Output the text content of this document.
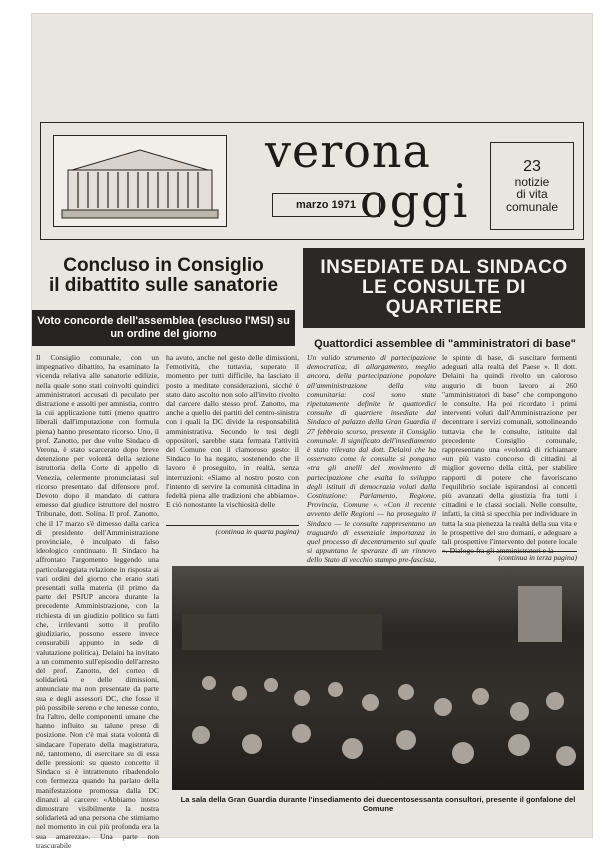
verona
oggi
marzo 1971
23
notizie
di vita
comunale
Concluso in Consiglio
il dibattito sulle sanatorie
Voto concorde dell'assemblea (escluso l'MSI) su un ordine del giorno
INSEDIATE DAL SINDACO
LE CONSULTE DI QUARTIERE
Quattordici assemblee di "amministratori di base"
Il Consiglio comunale, con un impegnativo dibattito, ha esaminato la vicenda relativa alle sanatorie edilizie, nella quale sono stati coinvolti quindici amministratori accusati di peculato per distrazione e assolti per amnistia, contro la cui applicazione tutti (meno quattro liberali dall'imputazione con formula piena) hanno presentato ricorso. Uno, il prof. Zanotto, per due volte Sindaco di Verona, è stato scarcerato dopo breve detenzione per volontà della sezione istruttoria della Corte di appello di Venezia, celermente pronunciatasi sul ricorso presentato dal difensore prof. Devoto dopo il mandato di cattura emesso dal giudice istruttore del nostro Tribunale, dott. Solina. Il prof. Zanotto, che il 17 marzo s'è dimesso dalla carica di presidente dell'Amministrazione provinciale, è inculpato di falso ideologico continuato. Il Sindaco ha affrontato l'argomento leggendo una particolareggiata relazione in risposta ai vari ordini del giorno che erano stati presentati sulla materia (il primo da parte del PSIUP ancora durante la precedente Amministrazione, con la richiesta di un giudizio politico su fatti che, irrilevanti sotto il profilo giudiziario, possono essere invece censurabili appunto in sede di valutazione politica). Delaini ha invitato a un commento sull'episodio dell'arresto del prof. Zanotto, del corteo di solidarietà e delle dimissioni, annunciate ma non presentate da parte sua e degli assessori DC, che fosse il più possibile sereno e che tenesse conto, fra l'altro, delle componenti umane che hanno influito su talune prese di posizione. Non c'è mai stata volontà di sindacare l'operato della magistratura, né, tantomeno, di esercitare su di essa delle pressioni: su questo concetto il Sindaco si è intrattenuto ribadendolo con fermezza quando ha parlato della manifestazione promossa dalla DC dinanzi al carcere: «Abbiamo inteso dimostrare visibilmente la nostra solidarietà ad una persona che stimiamo nel momento in cui più profonda era la sua amarezza». Una parte non trascurabile
ha avuto, anche nel gesto delle dimissioni, l'emotività, che tuttavia, superato il momento per tutti difficile, ha lasciato il posto a meditate considerazioni, sicché è stato dato ascolto non solo all'invito rivolto dal carcere dallo stesso prof. Zanotto, ma anche a quello dei partiti del centro-sinistra con i quali la DC divide la responsabilità amministrativa. Secondo le tesi degli oppositori, sarebbe stata fermata l'attività del Comune con il clamoroso gesto: il Sindaco lo ha negato, sostenendo che il lavoro è proseguito, in realtà, senza interruzioni: «Siamo al nostro posto con l'intento di servire la comunità cittadina in fedeltà piena alle tradizioni che abbiamo». E ciò nonostante la vischiosità delle
(continua in quarta pagina)
Un valido strumento di partecipazione democratica, di allargamento, meglio ancora, della partecipazione popolare all'amministrazione della vita comunitaria: così sono state ripetutamente definite le quattordici consulte di quartiere insediate dal Sindaco al palazzo della Gran Guardia il 27 febbraio scorso, presente il Consiglio comunale. Il significato dell'insediamento è stato rilevato dal dott. Delaini che ha osservato come le consulte si pongano «tra gli anelli del movimento di partecipazione che esalta lo sviluppo degli istituti di democrazia voluti dalla Costituzione: Parlamento, Regione, Provincia, Comune ». «Con il recente avvento delle Regioni — ha proseguito il Sindaco — le consulte rappresentano un traguardo di essenziale importanza in quel processo di decentramento sul quale si appuntano le speranze di un rinnovo dello Stato di vecchio stampo pre-fascista,
le spinte di base, di suscitare fermenti adeguati alla realtà del Paese ». Il dott. Delaini ha quindi rivolto un caloroso augurio di buon lavoro ai 260 "amministratori di base" che compongono le consulte. Ha poi ricordato i primi interventi voluti dall'Amministrazione per decentrare i servizi comunali, sottolineando tuttavia che le consulte, istituite dal precedente Consiglio comunale, rappresentano una «volontà di richiamare «un più vasto concorso di cittadini al miglior governo della città, per stabilire rapporti di potere che favoriscano l'equilibrio sociale ispirandosi ai concetti più avanzati della giustizia fra tutti i cittadini e le classi sociali. Nelle consulte, infatti, la città si specchia per individuare in tutta la sua pienezza la realtà della sua vita e le prospettive del suo domani, e adeguare a tali prospettive l'intervento del potere locale ». Dialogo fra gli amministratori e la
(continua in terza pagina)
La sala della Gran Guardia durante l'insediamento dei duecentosessanta consultori, presente il gonfalone del Comune
